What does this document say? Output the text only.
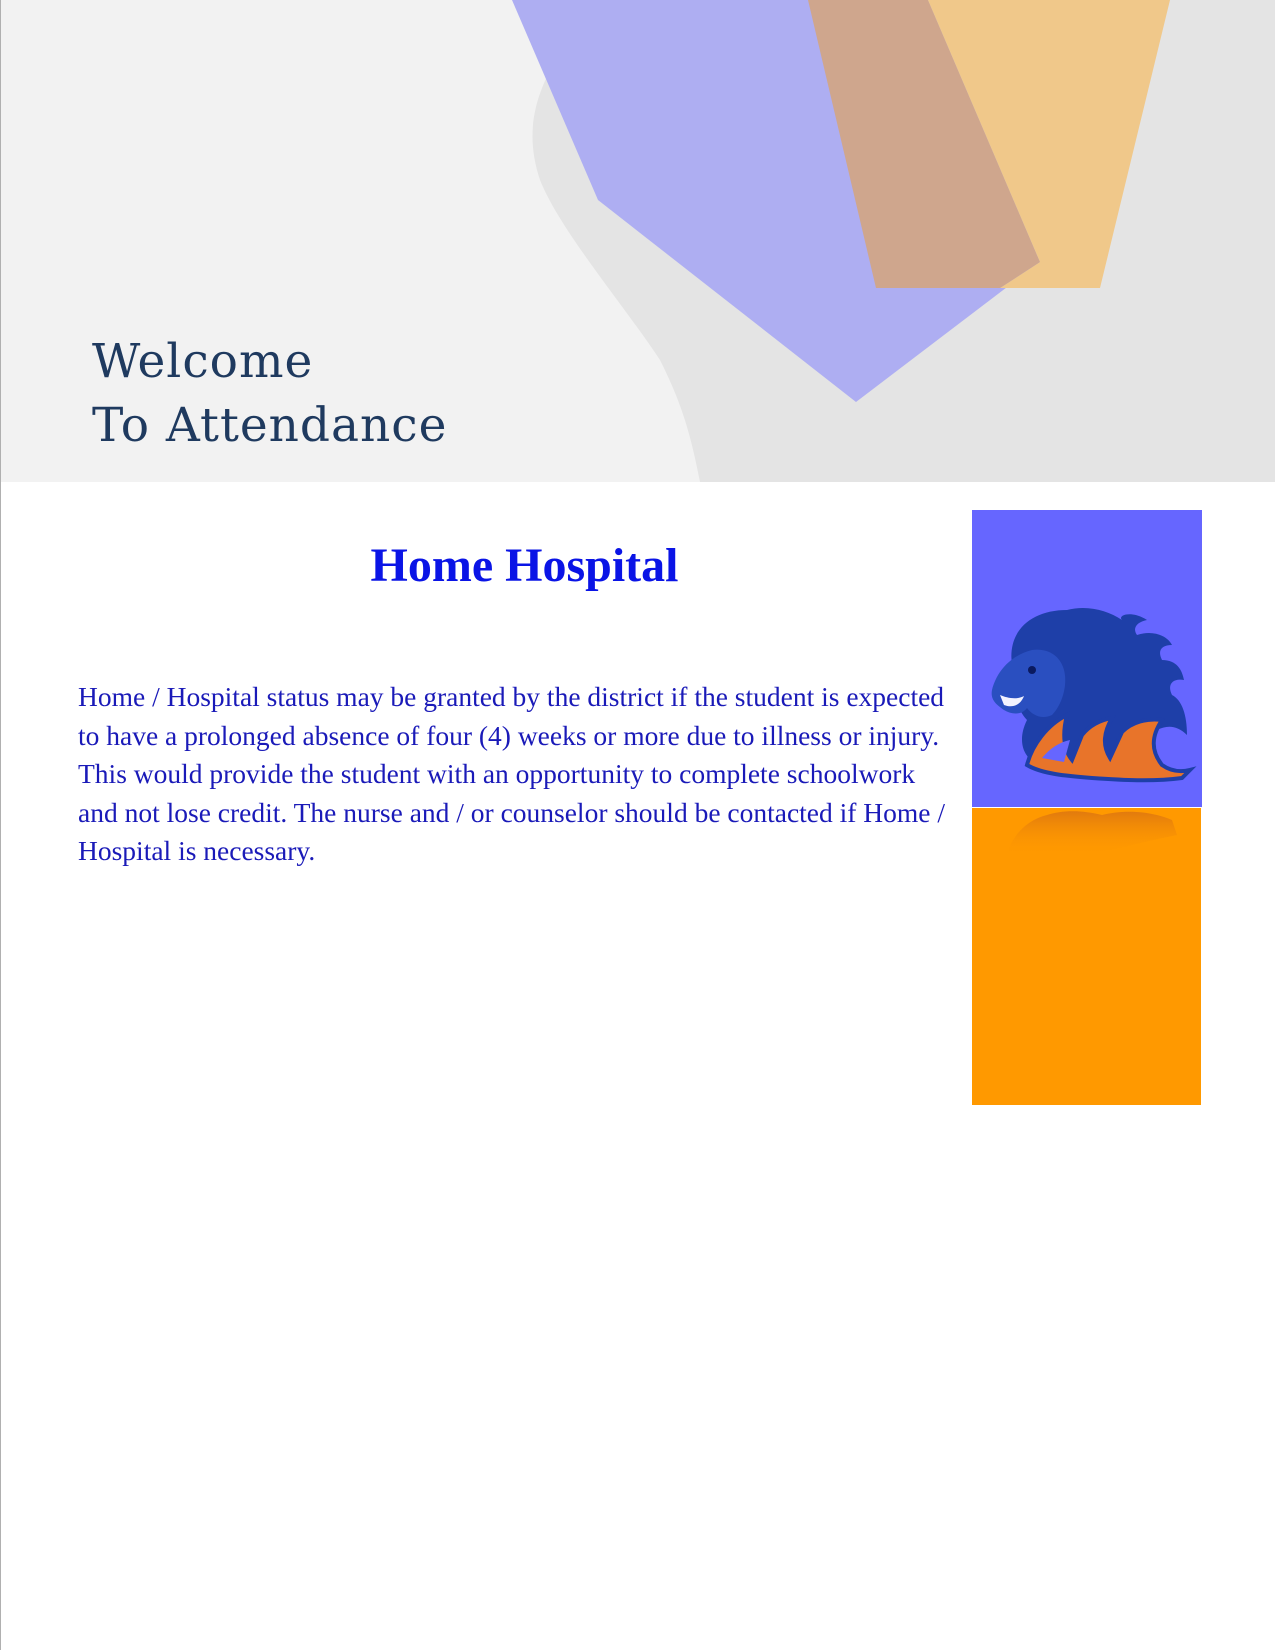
Welcome
To Attendance
Home Hospital

Home / Hospital status may be granted by the district if the student is expected to have a prolonged absence of four (4) weeks or more due to illness or injury. This would provide the student with an opportunity to complete schoolwork and not lose credit. The nurse and / or counselor should be contacted if Home / Hospital is necessary.
